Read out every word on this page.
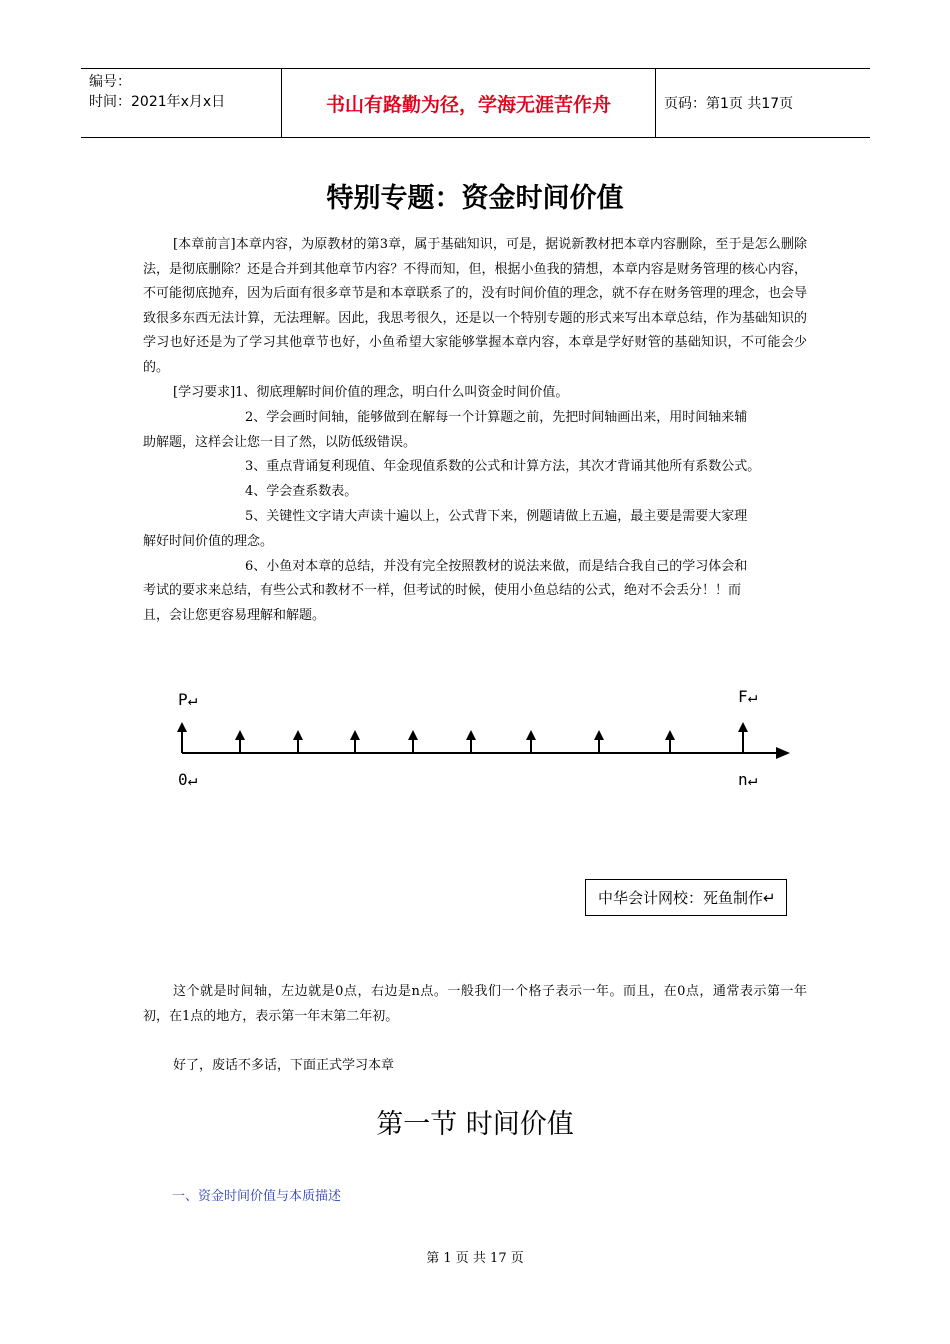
编号：
时间：2021年x月x日	书山有路勤为径，学海无涯苦作舟	页码：第1页 共17页
特别专题：资金时间价值
[本章前言]本章内容，为原教材的第3章，属于基础知识，可是，据说新教材把本章内容删除，至于是怎么删除法，是彻底删除？还是合并到其他章节内容？不得而知，但，根据小鱼我的猜想，本章内容是财务管理的核心内容，不可能彻底抛弃，因为后面有很多章节是和本章联系了的，没有时间价值的理念，就不存在财务管理的理念，也会导致很多东西无法计算，无法理解。因此，我思考很久，还是以一个特别专题的形式来写出本章总结，作为基础知识的学习也好还是为了学习其他章节也好，小鱼希望大家能够掌握本章内容，本章是学好财管的基础知识，不可能会少的。
[学习要求]1、彻底理解时间价值的理念，明白什么叫资金时间价值。
2、学会画时间轴，能够做到在解每一个计算题之前，先把时间轴画出来，用时间轴来辅
助解题，这样会让您一目了然，以防低级错误。
3、重点背诵复利现值、年金现值系数的公式和计算方法，其次才背诵其他所有系数公式。
4、学会查系数表。
5、关键性文字请大声读十遍以上，公式背下来，例题请做上五遍，最主要是需要大家理
解好时间价值的理念。
6、小鱼对本章的总结，并没有完全按照教材的说法来做，而是结合我自己的学习体会和
考试的要求来总结，有些公式和教材不一样，但考试的时候，使用小鱼总结的公式，绝对不会丢分！！而
且，会让您更容易理解和解题。
P↵	F↵
0↵	n↵
中华会计网校：死鱼制作↵
这个就是时间轴，左边就是0点，右边是n点。一般我们一个格子表示一年。而且，在0点，通常表示第一年初，在1点的地方，表示第一年末第二年初。
好了，废话不多话，下面正式学习本章
第一节 时间价值
一、资金时间价值与本质描述
第 1 页 共 17 页
